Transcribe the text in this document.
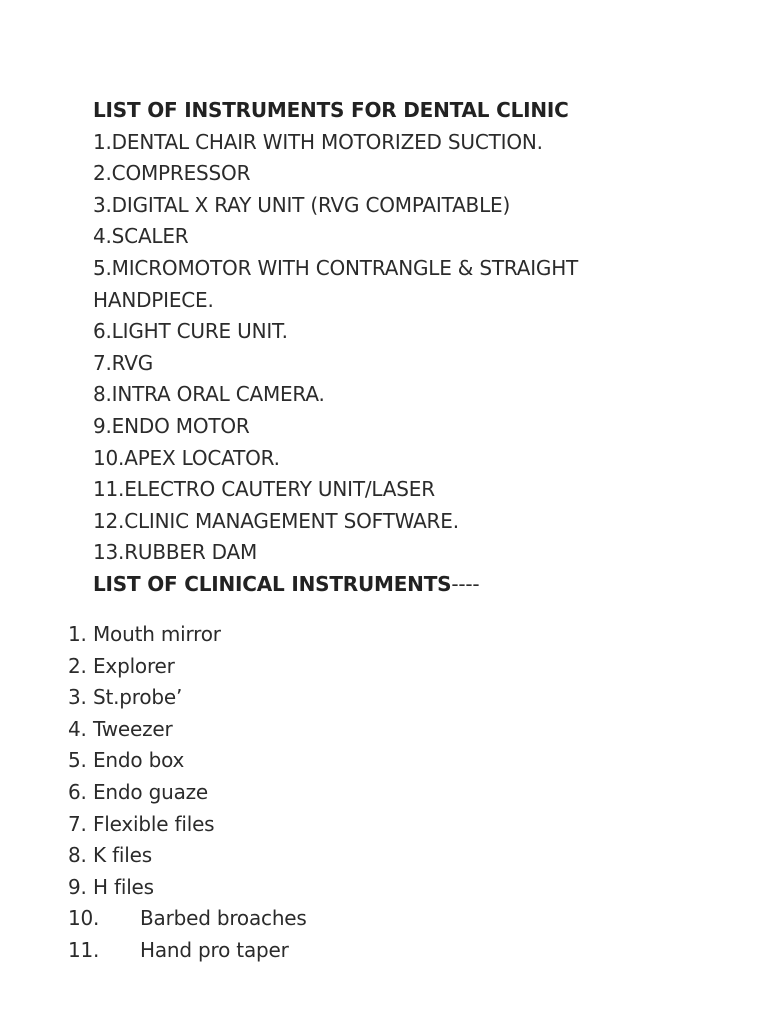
LIST OF INSTRUMENTS FOR DENTAL CLINIC
1.DENTAL CHAIR WITH MOTORIZED SUCTION.
2.COMPRESSOR
3.DIGITAL X RAY UNIT (RVG COMPAITABLE)
4.SCALER
5.MICROMOTOR WITH CONTRANGLE & STRAIGHT
HANDPIECE.
6.LIGHT CURE UNIT.
7.RVG
8.INTRA ORAL CAMERA.
9.ENDO MOTOR
10.APEX LOCATOR.
11.ELECTRO CAUTERY UNIT/LASER
12.CLINIC MANAGEMENT SOFTWARE.
13.RUBBER DAM
LIST OF CLINICAL INSTRUMENTS----
1. Mouth mirror
2. Explorer
3. St.probe’
4. Tweezer
5. Endo box
6. Endo guaze
7. Flexible files
8. K files
9. H files
10.	Barbed broaches
11.	Hand pro taper
